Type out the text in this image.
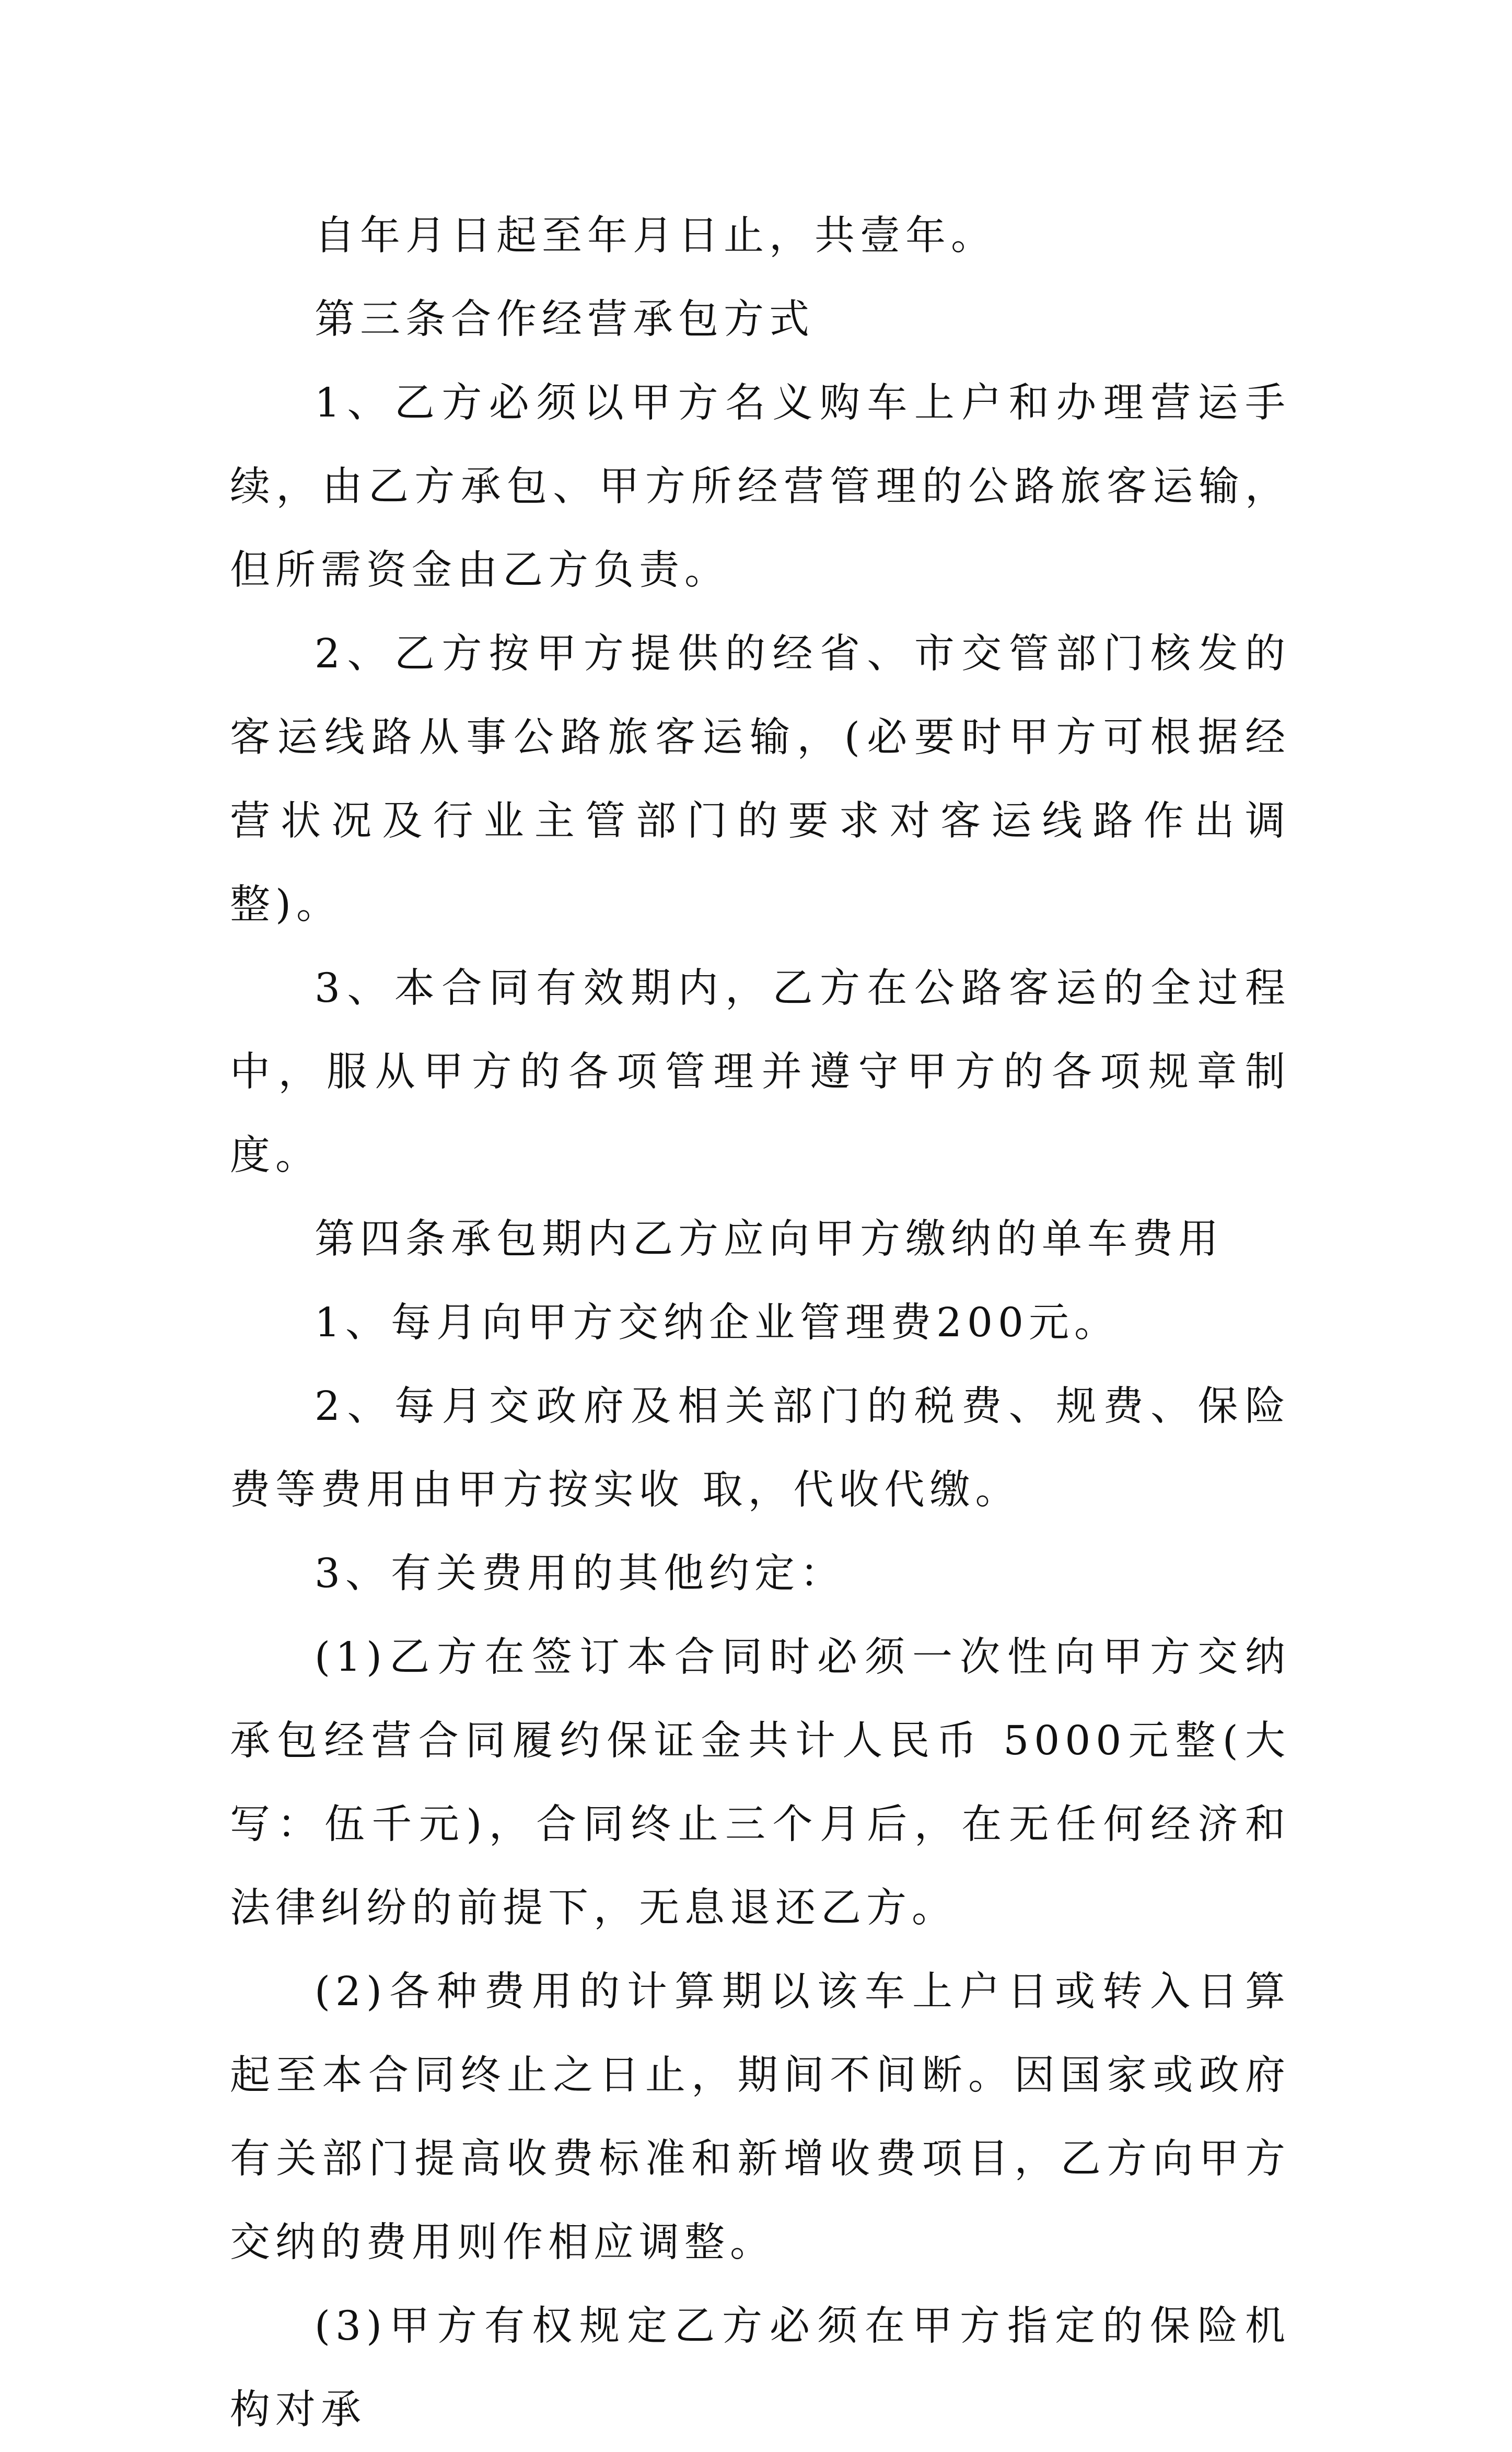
自年月日起至年月日止，共壹年。

第三条合作经营承包方式

1、乙方必须以甲方名义购车上户和办理营运手续，由乙方承包、甲方所经营管理的公路旅客运输，但所需资金由乙方负责。

2、乙方按甲方提供的经省、市交管部门核发的客运线路从事公路旅客运输，(必要时甲方可根据经营状况及行业主管部门的要求对客运线路作出调整)。

3、本合同有效期内，乙方在公路客运的全过程中，服从甲方的各项管理并遵守甲方的各项规章制度。

第四条承包期内乙方应向甲方缴纳的单车费用

1、每月向甲方交纳企业管理费200元。

2、每月交政府及相关部门的税费、规费、保险费等费用由甲方按实收 取，代收代缴。

3、有关费用的其他约定：

(1)乙方在签订本合同时必须一次性向甲方交纳承包经营合同履约保证金共计人民币 5000元整(大写：伍千元)，合同终止三个月后，在无任何经济和法律纠纷的前提下，无息退还乙方。

(2)各种费用的计算期以该车上户日或转入日算起至本合同终止之日止，期间不间断。因国家或政府有关部门提高收费标准和新增收费项目，乙方向甲方交纳的费用则作相应调整。

(3)甲方有权规定乙方必须在甲方指定的保险机构对承
